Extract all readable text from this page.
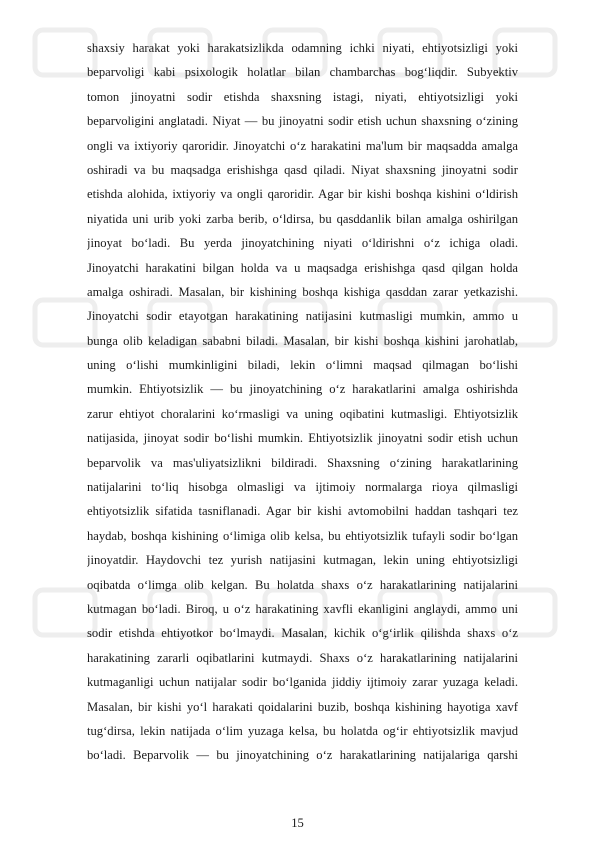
shaxsiy harakat yoki harakatsizlikda odamning ichki niyati, ehtiyotsizligi yoki
beparvoligi kabi psixologik holatlar bilan chambarchas bog‘liqdir. Subyektiv
tomon jinoyatni sodir etishda shaxsning istagi, niyati, ehtiyotsizligi yoki
beparvoligini anglatadi. Niyat — bu jinoyatni sodir etish uchun shaxsning o‘zining
ongli va ixtiyoriy qaroridir. Jinoyatchi o‘z harakatini ma'lum bir maqsadda amalga
oshiradi va bu maqsadga erishishga qasd qiladi. Niyat shaxsning jinoyatni sodir
etishda alohida, ixtiyoriy va ongli qaroridir. Agar bir kishi boshqa kishini o‘ldirish
niyatida uni urib yoki zarba berib, o‘ldirsa, bu qasddanlik bilan amalga oshirilgan
jinoyat bo‘ladi. Bu yerda jinoyatchining niyati o‘ldirishni o‘z ichiga oladi.
Jinoyatchi harakatini bilgan holda va u maqsadga erishishga qasd qilgan holda
amalga oshiradi. Masalan, bir kishining boshqa kishiga qasddan zarar yetkazishi.
Jinoyatchi sodir etayotgan harakatining natijasini kutmasligi mumkin, ammo u
bunga olib keladigan sababni biladi. Masalan, bir kishi boshqa kishini jarohatlab,
uning o‘lishi mumkinligini biladi, lekin o‘limni maqsad qilmagan bo‘lishi
mumkin. Ehtiyotsizlik — bu jinoyatchining o‘z harakatlarini amalga oshirishda
zarur ehtiyot choralarini ko‘rmasligi va uning oqibatini kutmasligi. Ehtiyotsizlik
natijasida, jinoyat sodir bo‘lishi mumkin. Ehtiyotsizlik jinoyatni sodir etish uchun
beparvolik va mas'uliyatsizlikni bildiradi. Shaxsning o‘zining harakatlarining
natijalarini to‘liq hisobga olmasligi va ijtimoiy normalarga rioya qilmasligi
ehtiyotsizlik sifatida tasniflanadi. Agar bir kishi avtomobilni haddan tashqari tez
haydab, boshqa kishining o‘limiga olib kelsa, bu ehtiyotsizlik tufayli sodir bo‘lgan
jinoyatdir. Haydovchi tez yurish natijasini kutmagan, lekin uning ehtiyotsizligi
oqibatda o‘limga olib kelgan. Bu holatda shaxs o‘z harakatlarining natijalarini
kutmagan bo‘ladi. Biroq, u o‘z harakatining xavfli ekanligini anglaydi, ammo uni
sodir etishda ehtiyotkor bo‘lmaydi. Masalan, kichik o‘g‘irlik qilishda shaxs o‘z
harakatining zararli oqibatlarini kutmaydi. Shaxs o‘z harakatlarining natijalarini
kutmaganligi uchun natijalar sodir bo‘lganida jiddiy ijtimoiy zarar yuzaga keladi.
Masalan, bir kishi yo‘l harakati qoidalarini buzib, boshqa kishining hayotiga xavf
tug‘dirsa, lekin natijada o‘lim yuzaga kelsa, bu holatda og‘ir ehtiyotsizlik mavjud
bo‘ladi. Beparvolik — bu jinoyatchining o‘z harakatlarining natijalariga qarshi
15
